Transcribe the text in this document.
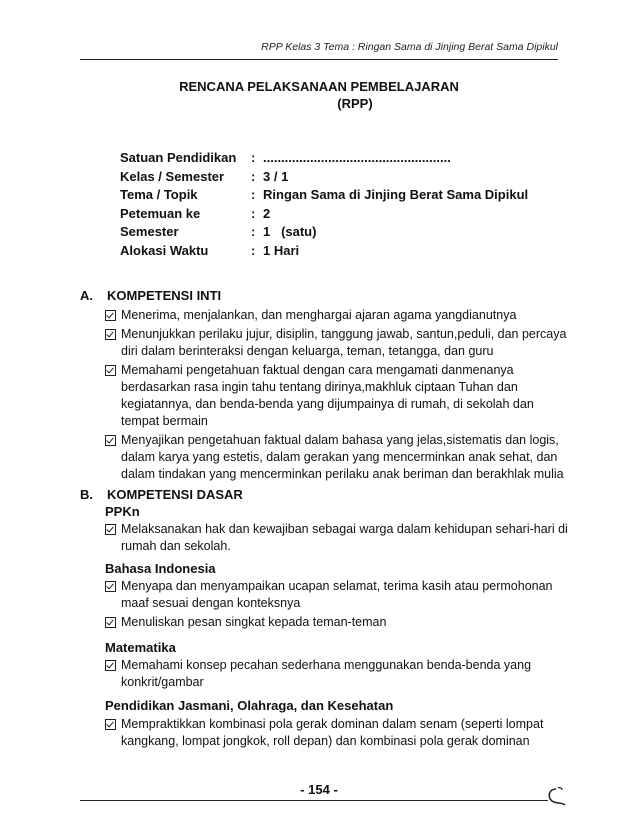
RPP Kelas 3 Tema : Ringan Sama di Jinjing Berat Sama Dipikul
RENCANA PELAKSANAAN PEMBELAJARAN
(RPP)
Satuan Pendidikan	: ....................................................
Kelas / Semester	: 3 / 1
Tema / Topik	: Ringan Sama di Jinjing Berat Sama Dipikul
Petemuan ke	: 2
Semester	: 1   (satu)
Alokasi Waktu	: 1 Hari
A. KOMPETENSI INTI
Menerima, menjalankan, dan menghargai ajaran agama yangdianutnya
Menunjukkan perilaku jujur, disiplin, tanggung jawab, santun,peduli, dan percaya diri dalam berinteraksi dengan keluarga, teman, tetangga, dan guru
Memahami pengetahuan faktual dengan cara mengamati danmenanya berdasarkan rasa ingin tahu tentang dirinya,makhluk ciptaan Tuhan dan kegiatannya, dan benda-benda yang dijumpainya di rumah, di sekolah dan tempat bermain
Menyajikan pengetahuan faktual dalam bahasa yang jelas,sistematis dan logis, dalam karya yang estetis, dalam gerakan yang mencerminkan anak sehat, dan dalam tindakan yang mencerminkan perilaku anak beriman dan berakhlak mulia
B. KOMPETENSI DASAR
PPKn
Melaksanakan hak dan kewajiban sebagai warga dalam kehidupan sehari-hari di rumah dan sekolah.
Bahasa Indonesia
Menyapa dan menyampaikan ucapan selamat, terima kasih atau permohonan maaf sesuai dengan konteksnya
Menuliskan pesan singkat kepada teman-teman
Matematika
Memahami konsep pecahan sederhana menggunakan benda-benda yang konkrit/gambar
Pendidikan Jasmani, Olahraga, dan Kesehatan
Mempraktikkan kombinasi pola gerak dominan dalam senam (seperti lompat kangkang, lompat jongkok, roll depan) dan kombinasi pola gerak dominan
- 154 -
